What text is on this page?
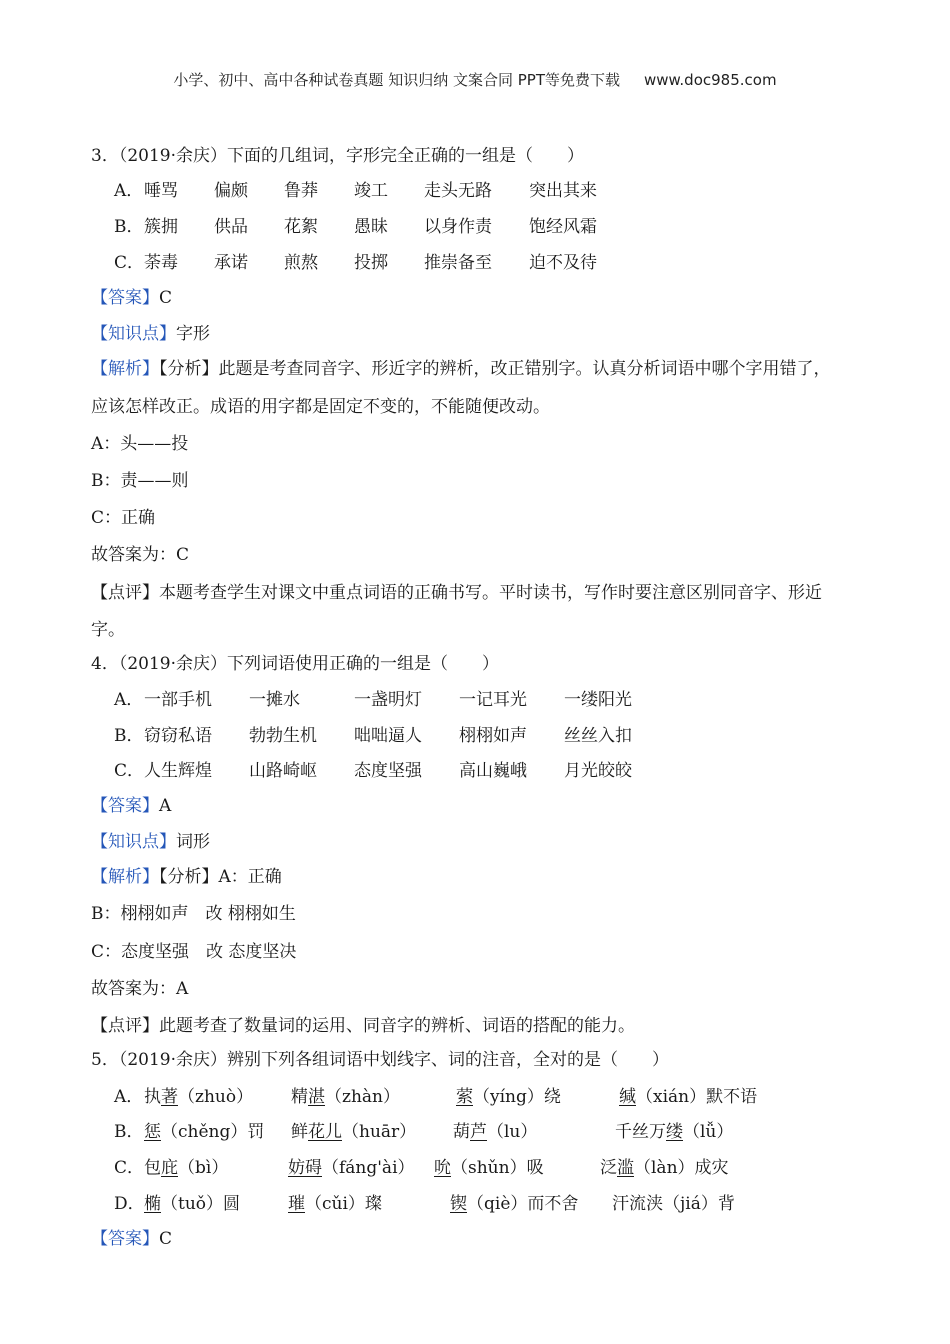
小学、初中、高中各种试卷真题 知识归纳 文案合同 PPT等免费下载 www.doc985.com
3．（2019·余庆）下面的几组词，字形完全正确的一组是（　　）
A． 唾骂 偏颇 鲁莽 竣工 走头无路 突出其来
B． 簇拥 供品 花絮 愚昧 以身作责 饱经风霜
C． 荼毒 承诺 煎熬 投掷 推崇备至 迫不及待
【答案】C
【知识点】字形
【解析】【分析】此题是考查同音字、形近字的辨析，改正错别字。认真分析词语中哪个字用错了，
应该怎样改正。成语的用字都是固定不变的，不能随便改动。
A：头——投
B：责——则
C：正确
故答案为：C
【点评】本题考查学生对课文中重点词语的正确书写。平时读书，写作时要注意区别同音字、形近
字。
4．（2019·余庆）下列词语使用正确的一组是（　　）
A． 一部手机 一摊水	一盏明灯 一记耳光 一缕阳光
B． 窃窃私语 勃勃生机 咄咄逼人 栩栩如声 丝丝入扣
C． 人生辉煌 山路崎岖 态度坚强 高山巍峨 月光皎皎
【答案】A
【知识点】词形
【解析】【分析】A：正确
B：栩栩如声　改 栩栩如生
C：态度坚强　改 态度坚决
故答案为：A
【点评】此题考查了数量词的运用、同音字的辨析、词语的搭配的能力。
5．（2019·余庆）辨别下列各组词语中划线字、词的注音，全对的是（　　）
A． 执著（zhuò） 精湛（zhàn）	萦（yíng）绕	缄（xián）默不语
B． 惩（chěng）罚 鲜花儿（huār） 葫芦（lu）	千丝万缕（lǚ）
C． 包庇（bì）	妨碍（fáng'ài） 吮（shǔn）吸	泛滥（làn）成灾
D． 椭（tuǒ）圆	璀（cǔi）璨	锲（qiè）而不舍 汗流浃（jiá）背
【答案】C
